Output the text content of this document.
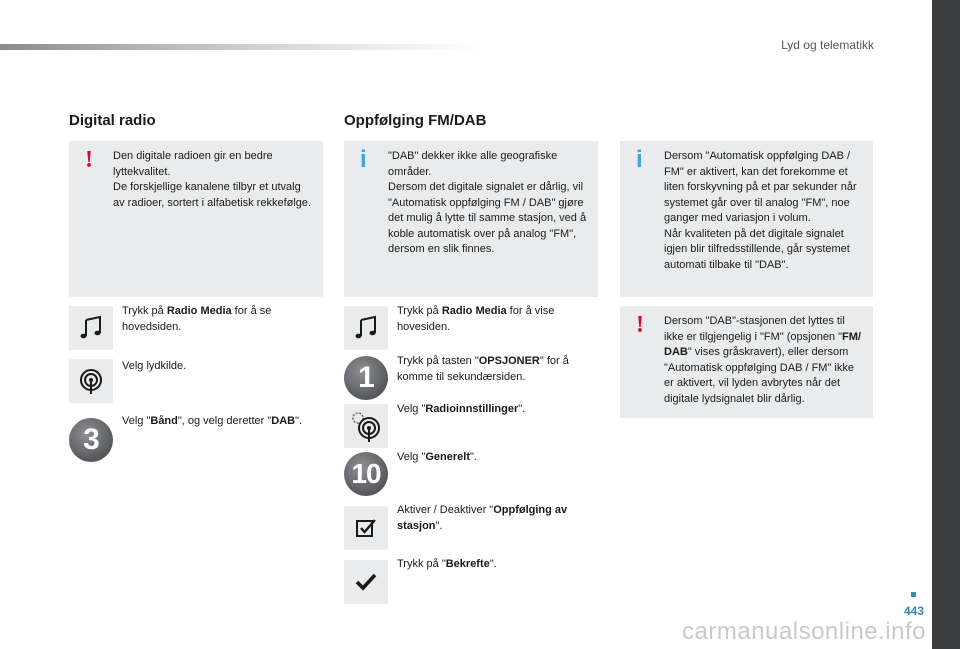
Lyd og telematikk
Digital radio
! Den digitale radioen gir en bedre lyttekvalitet.
De forskjellige kanalene tilbyr et utvalg av radioer, sortert i alfabetisk rekkefølge.
Trykk på Radio Media for å se hovedsiden.
Velg lydkilde.
3
Velg "Bånd", og velg deretter "DAB".
Oppfølging FM/DAB
i "DAB" dekker ikke alle geografiske områder.
Dersom det digitale signalet er dårlig, vil "Automatisk oppfølging FM / DAB" gjøre det mulig å lytte til samme stasjon, ved å koble automatisk over på analog "FM", dersom en slik finnes.
Trykk på Radio Media for å vise hovesiden.
1	Trykk på tasten "OPSJONER" for å komme til sekundærsiden.
Velg "Radioinnstillinger".
10
Velg "Generelt".
Aktiver / Deaktiver "Oppfølging av stasjon".
Trykk på "Bekrefte".
i Dersom "Automatisk oppfølging DAB / FM" er aktivert, kan det forekomme et liten forskyvning på et par sekunder når systemet går over til analog "FM", noe ganger med variasjon i volum.
Når kvaliteten på det digitale signalet igjen blir tilfredsstillende, går systemet automati tilbake til "DAB".
! Dersom "DAB"-stasjonen det lyttes til ikke er tilgjengelig i "FM" (opsjonen "FM/ DAB" vises gråskravert), eller dersom "Automatisk oppfølging DAB / FM" ikke er aktivert, vil lyden avbrytes når det digitale lydsignalet blir dårlig.
443
carmanualsonline.info
